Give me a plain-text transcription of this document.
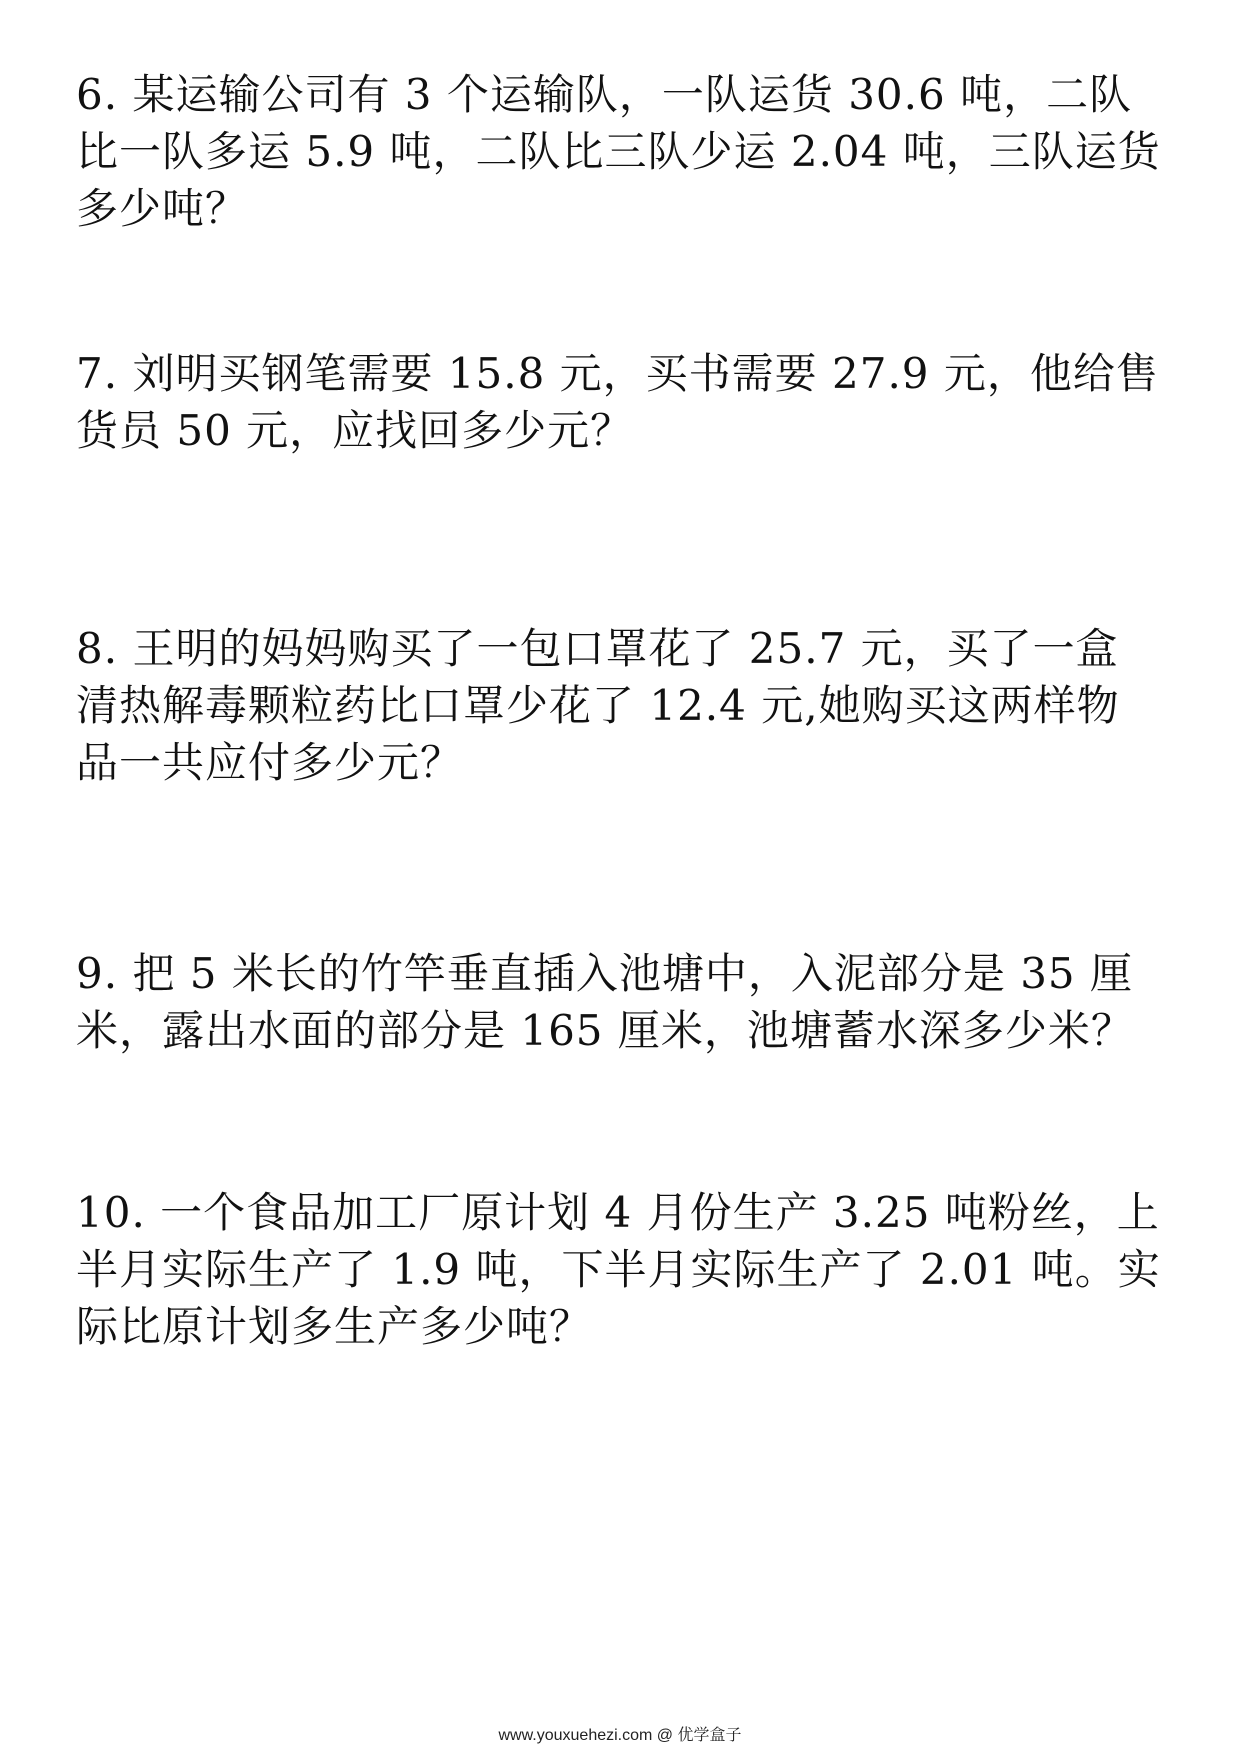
6. 某运输公司有 3 个运输队，一队运货 30.6 吨，二队
比一队多运 5.9 吨，二队比三队少运 2.04 吨，三队运货
多少吨？
7. 刘明买钢笔需要 15.8 元，买书需要 27.9 元，他给售
货员 50 元，应找回多少元？
8. 王明的妈妈购买了一包口罩花了 25.7 元，买了一盒
清热解毒颗粒药比口罩少花了 12.4 元,她购买这两样物
品一共应付多少元？
9. 把 5 米长的竹竿垂直插入池塘中，入泥部分是 35 厘
米，露出水面的部分是 165 厘米，池塘蓄水深多少米？
10. 一个食品加工厂原计划 4 月份生产 3.25 吨粉丝，上
半月实际生产了 1.9 吨，下半月实际生产了 2.01 吨。实
际比原计划多生产多少吨？
www.youxuehezi.com @ 优学盒子
